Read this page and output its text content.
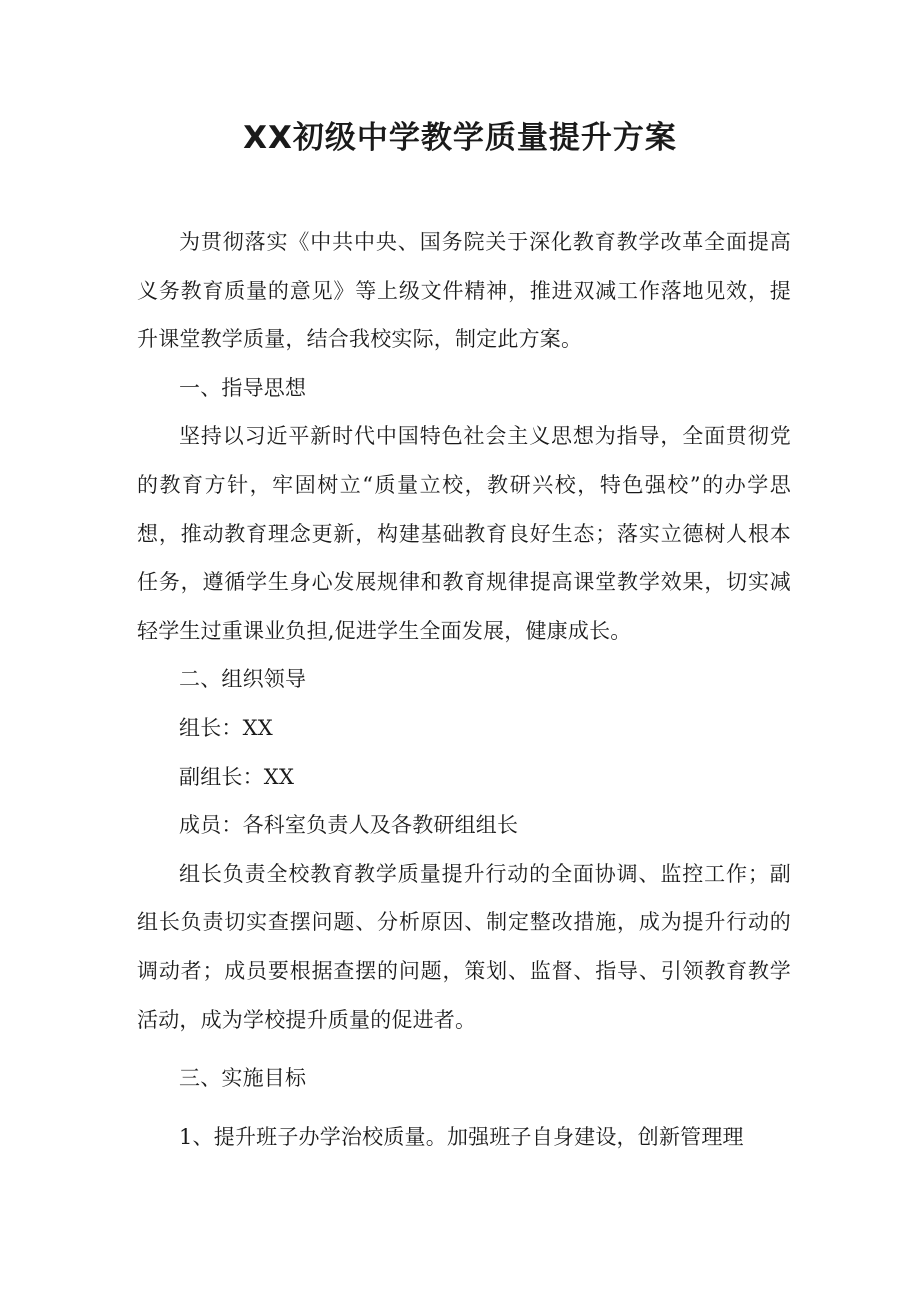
XX初级中学教学质量提升方案

为贯彻落实《中共中央、国务院关于深化教育教学改革全面提高义务教育质量的意见》等上级文件精神，推进双减工作落地见效，提升课堂教学质量，结合我校实际，制定此方案。

一、指导思想

坚持以习近平新时代中国特色社会主义思想为指导，全面贯彻党的教育方针，牢固树立“质量立校，教研兴校，特色强校”的办学思想，推动教育理念更新，构建基础教育良好生态；落实立德树人根本任务，遵循学生身心发展规律和教育规律提高课堂教学效果，切实减轻学生过重课业负担,促进学生全面发展，健康成长。

二、组织领导

组长：XX

副组长：XX

成员：各科室负责人及各教研组组长

组长负责全校教育教学质量提升行动的全面协调、监控工作；副组长负责切实查摆问题、分析原因、制定整改措施，成为提升行动的调动者；成员要根据查摆的问题，策划、监督、指导、引领教育教学活动，成为学校提升质量的促进者。

三、实施目标

1、提升班子办学治校质量。加强班子自身建设，创新管理理
